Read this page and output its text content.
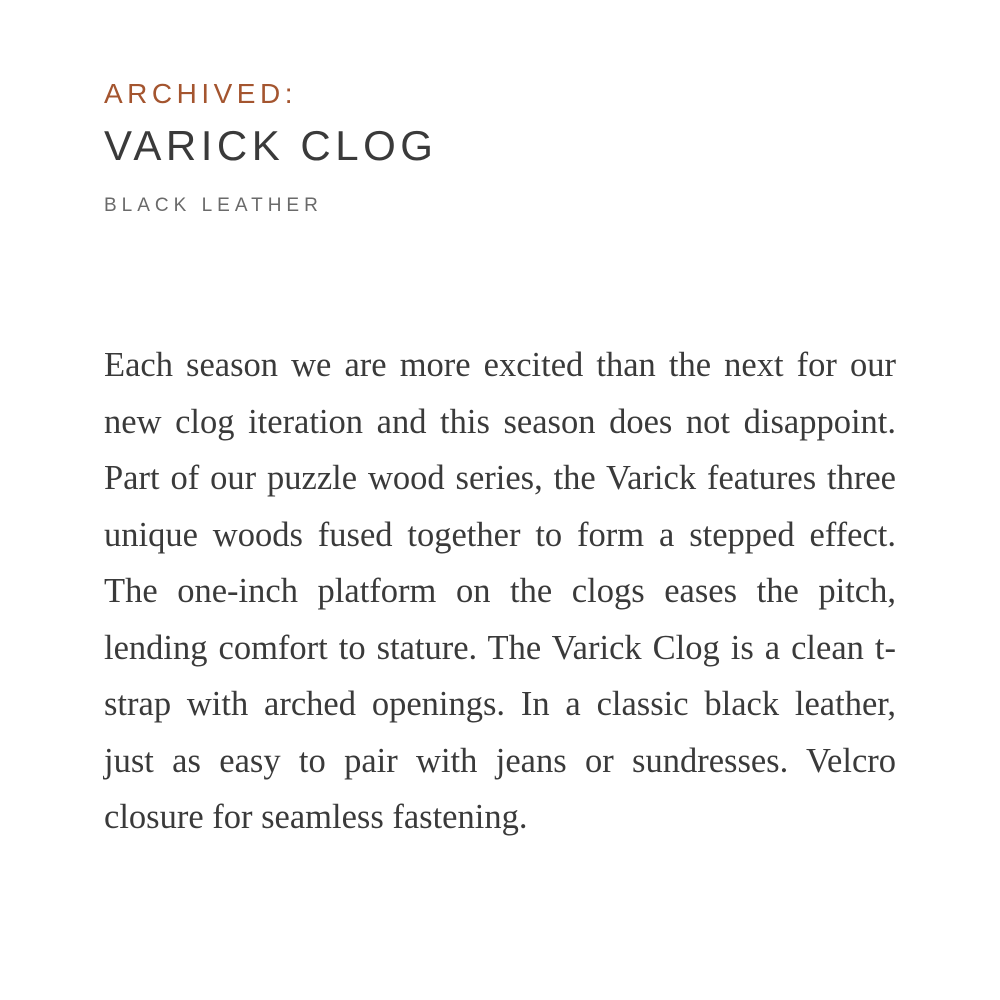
ARCHIVED:

VARICK CLOG

BLACK LEATHER

Each season we are more excited than the next for our new clog iteration and this season does not disappoint. Part of our puzzle wood series, the Varick features three unique woods fused together to form a stepped effect. The one-inch platform on the clogs eases the pitch, lending comfort to stature. The Varick Clog is a clean t-strap with arched openings. In a classic black leather, just as easy to pair with jeans or sundresses. Velcro closure for seamless fastening.
